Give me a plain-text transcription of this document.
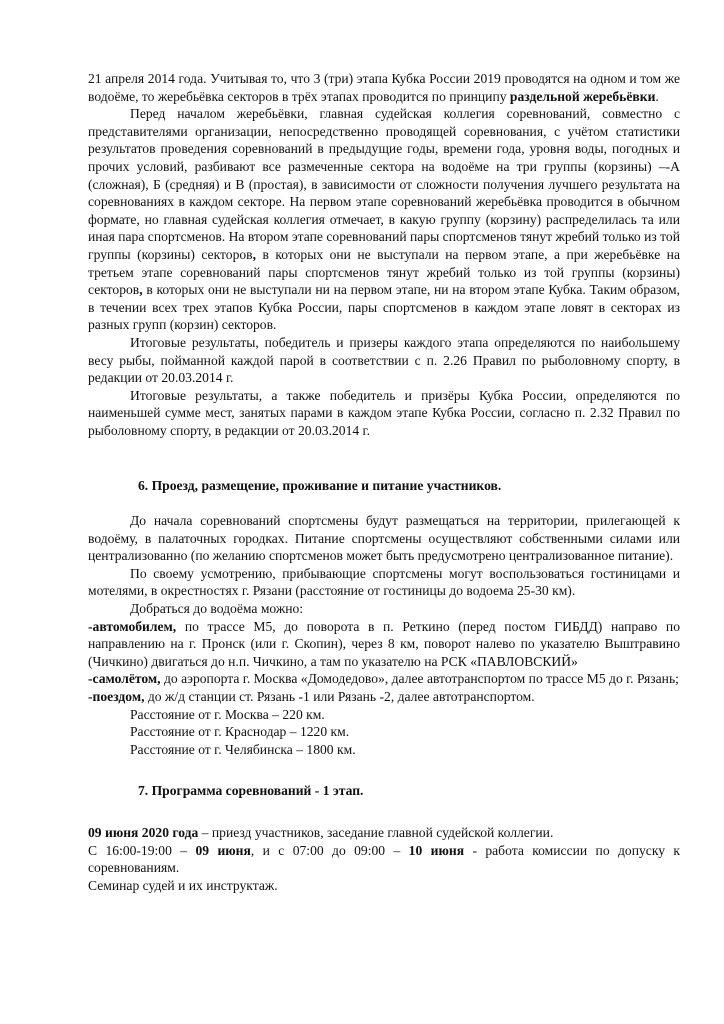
21 апреля 2014 года. Учитывая то, что 3 (три) этапа Кубка России 2019 проводятся на одном и том же водоёме, то жеребьёвка секторов в трёх этапах проводится по принципу раздельной жеребьёвки.

Перед началом жеребьёвки, главная судейская коллегия соревнований, совместно с представителями организации, непосредственно проводящей соревнования, с учётом статистики результатов проведения соревнований в предыдущие годы, времени года, уровня воды, погодных и прочих условий, разбивают все размеченные сектора на водоёме на три группы (корзины) –-А (сложная), Б (средняя) и В (простая), в зависимости от сложности получения лучшего результата на соревнованиях в каждом секторе. На первом этапе соревнований жеребьёвка проводится в обычном формате, но главная судейская коллегия отмечает, в какую группу (корзину) распределилась та или иная пара спортсменов. На втором этапе соревнований пары спортсменов тянут жребий только из той группы (корзины) секторов, в которых они не выступали на первом этапе, а при жеребьёвке на третьем этапе соревнований пары спортсменов тянут жребий только из той группы (корзины) секторов, в которых они не выступали ни на первом этапе, ни на втором этапе Кубка. Таким образом, в течении всех трех этапов Кубка России, пары спортсменов в каждом этапе ловят в секторах из разных групп (корзин) секторов.

Итоговые результаты, победитель и призеры каждого этапа определяются по наибольшему весу рыбы, пойманной каждой парой в соответствии с п. 2.26 Правил по рыболовному спорту, в редакции от 20.03.2014 г.

Итоговые результаты, а также победитель и призёры Кубка России, определяются по наименьшей сумме мест, занятых парами в каждом этапе Кубка России, согласно п. 2.32 Правил по рыболовному спорту, в редакции от 20.03.2014 г.

6. Проезд, размещение, проживание и питание участников.

До начала соревнований спортсмены будут размещаться на территории, прилегающей к водоёму, в палаточных городках. Питание спортсмены осуществляют собственными силами или централизованно (по желанию спортсменов может быть предусмотрено централизованное питание).

По своему усмотрению, прибывающие спортсмены могут воспользоваться гостиницами и мотелями, в окрестностях г. Рязани (расстояние от гостиницы до водоема 25-30 км).

Добраться до водоёма можно:

-автомобилем, по трассе М5, до поворота в п. Реткино (перед постом ГИБДД) направо по направлению на г. Пронск (или г. Скопин), через 8 км, поворот налево по указателю Выштравино (Чичкино) двигаться до н.п. Чичкино, а там по указателю на РСК «ПАВЛОВСКИЙ»

-самолётом, до аэропорта г. Москва «Домодедово», далее автотранспортом по трассе М5 до г. Рязань;

-поездом, до ж/д станции ст. Рязань -1 или Рязань -2, далее автотранспортом.

Расстояние от г. Москва – 220 км.

Расстояние от г. Краснодар – 1220 км.

Расстояние от г. Челябинска – 1800 км.

7. Программа соревнований - 1 этап.

09 июня 2020 года – приезд участников, заседание главной судейской коллегии.

С 16:00-19:00 – 09 июня, и с 07:00 до 09:00 – 10 июня - работа комиссии по допуску к соревнованиям.

Семинар судей и их инструктаж.
